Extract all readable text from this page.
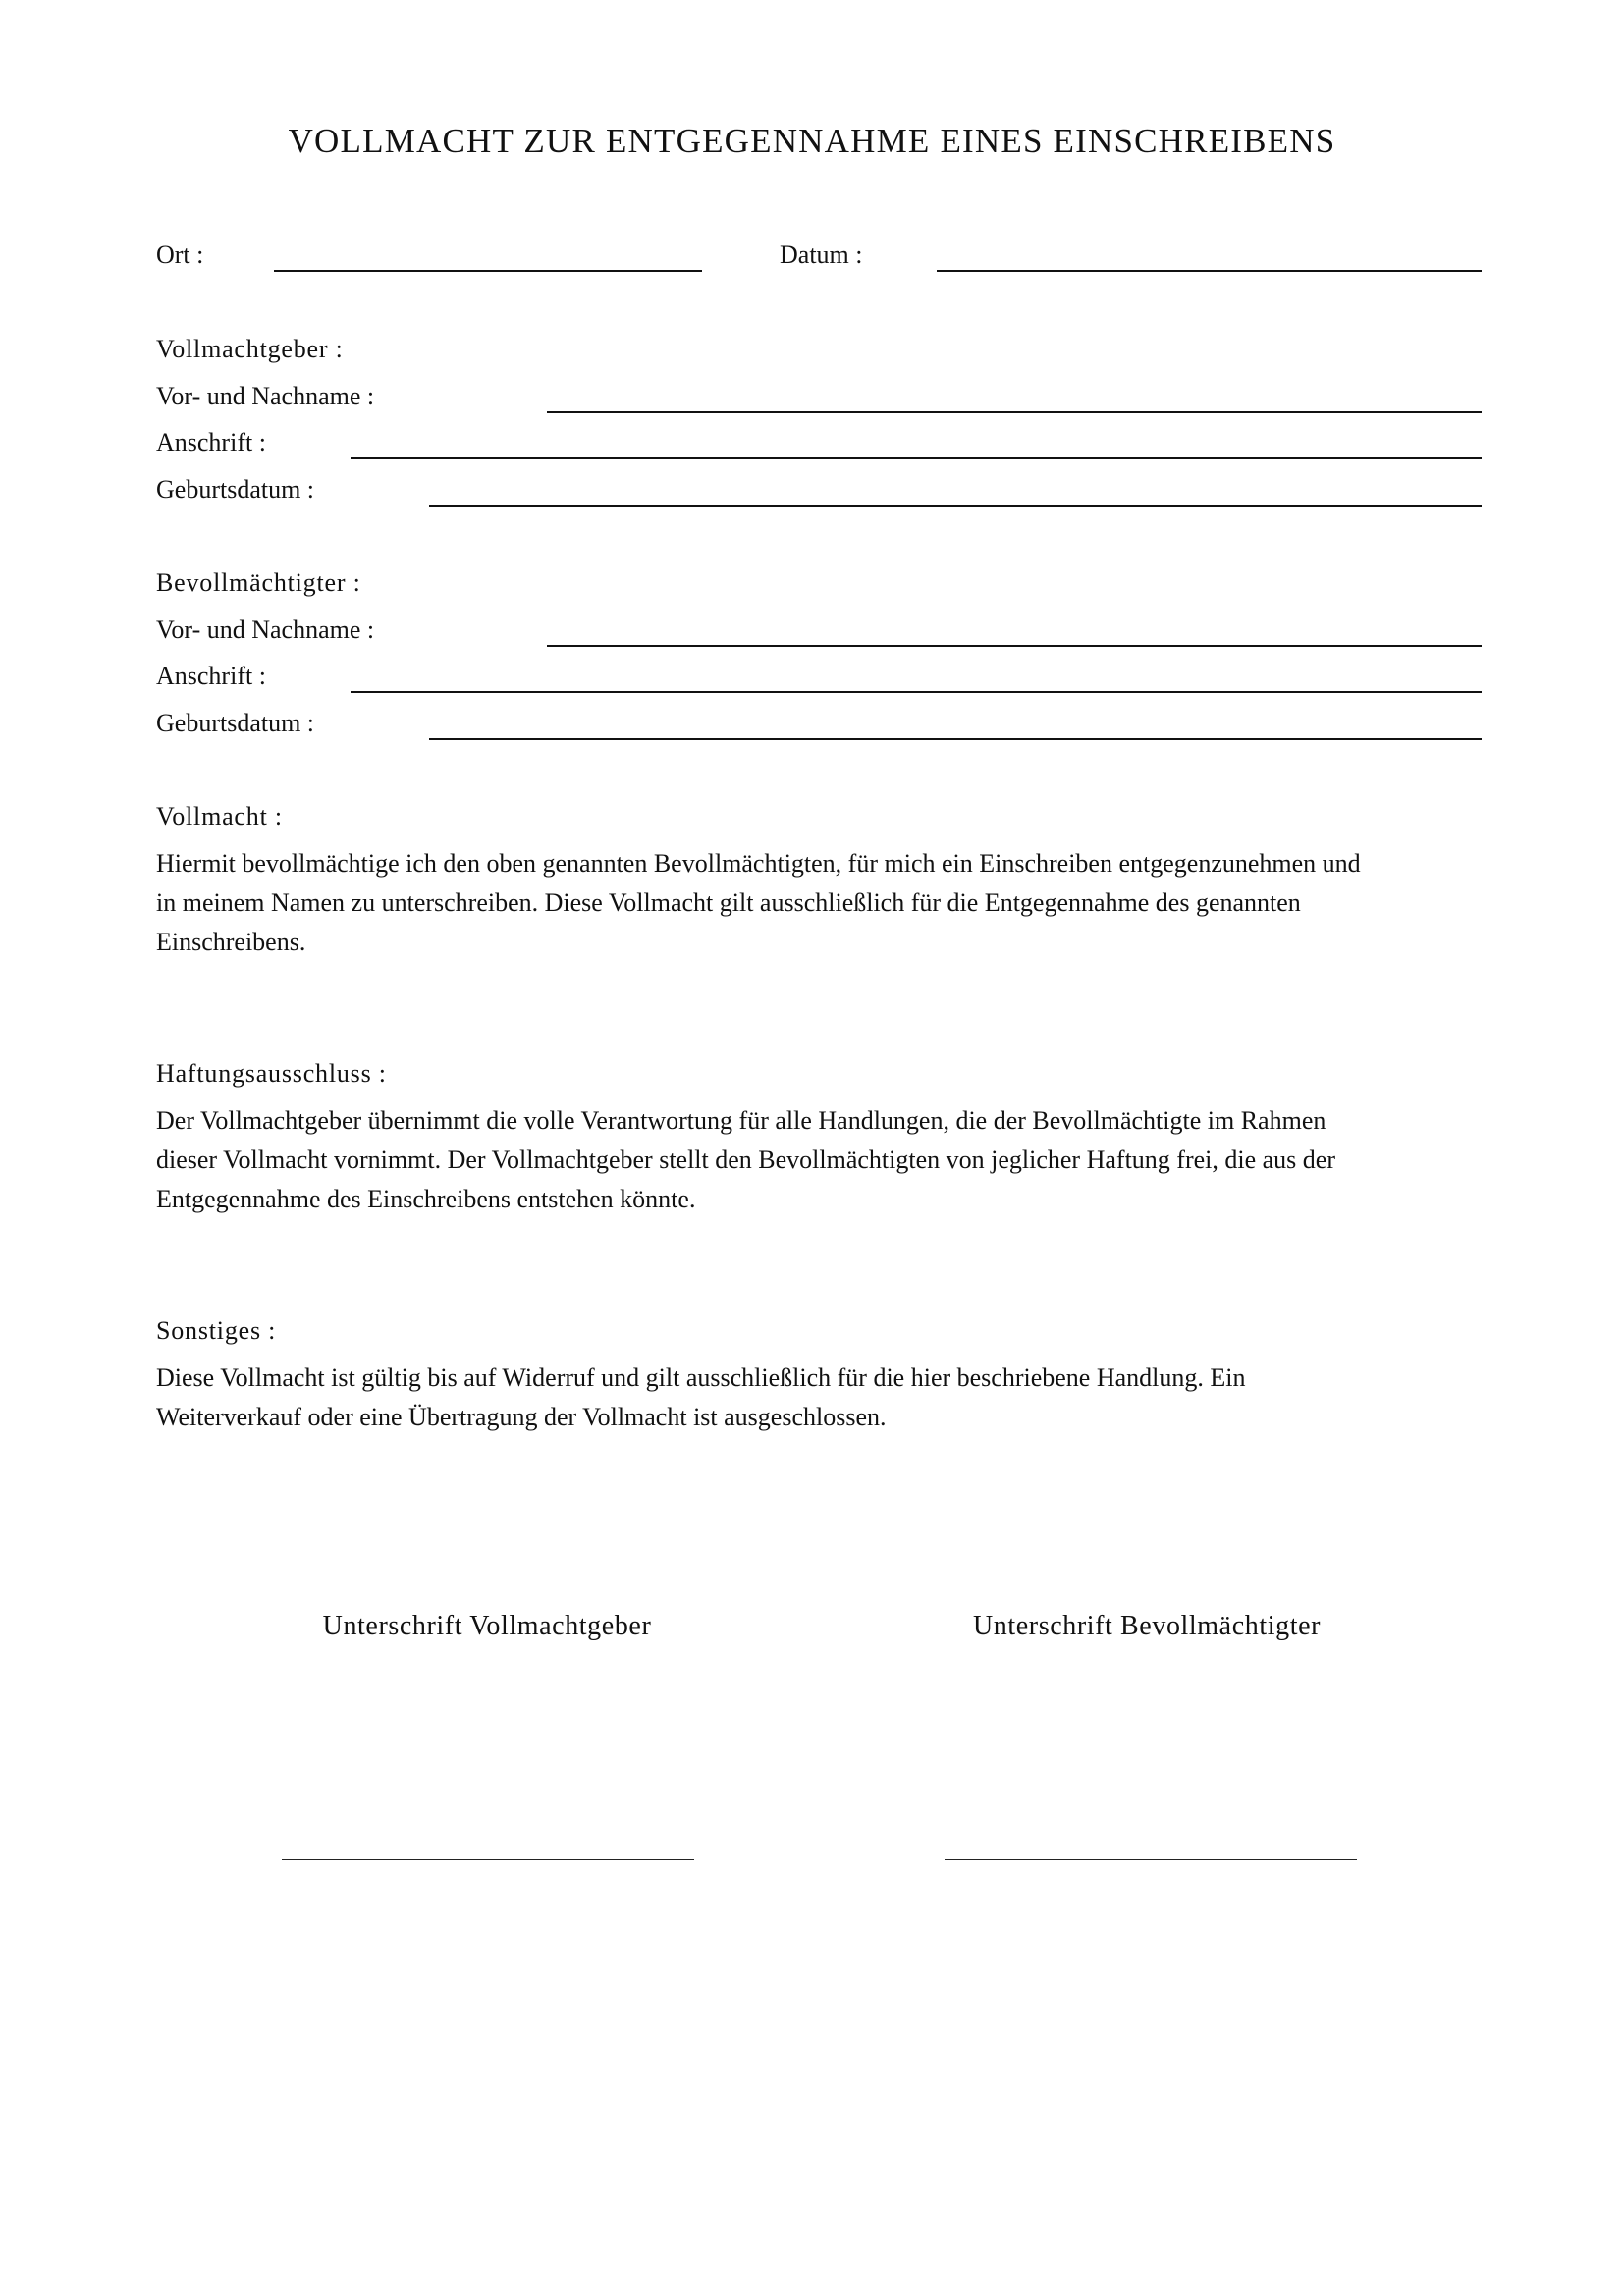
VOLLMACHT ZUR ENTGEGENNAHME EINES EINSCHREIBENS
Ort :	Datum :
Vollmachtgeber :
Vor- und Nachname :
Anschrift :
Geburtsdatum :
Bevollmächtigter :
Vor- und Nachname :
Anschrift :
Geburtsdatum :
Vollmacht :

Hiermit bevollmächtige ich den oben genannten Bevollmächtigten, für mich ein Einschreiben entgegenzunehmen und

in meinem Namen zu unterschreiben. Diese Vollmacht gilt ausschließlich für die Entgegennahme des genannten

Einschreibens.

Haftungsausschluss :

Der Vollmachtgeber übernimmt die volle Verantwortung für alle Handlungen, die der Bevollmächtigte im Rahmen

dieser Vollmacht vornimmt. Der Vollmachtgeber stellt den Bevollmächtigten von jeglicher Haftung frei, die aus der

Entgegennahme des Einschreibens entstehen könnte.

Sonstiges :

Diese Vollmacht ist gültig bis auf Widerruf und gilt ausschließlich für die hier beschriebene Handlung. Ein

Weiterverkauf oder eine Übertragung der Vollmacht ist ausgeschlossen.

Unterschrift Vollmachtgeber	Unterschrift Bevollmächtigter
